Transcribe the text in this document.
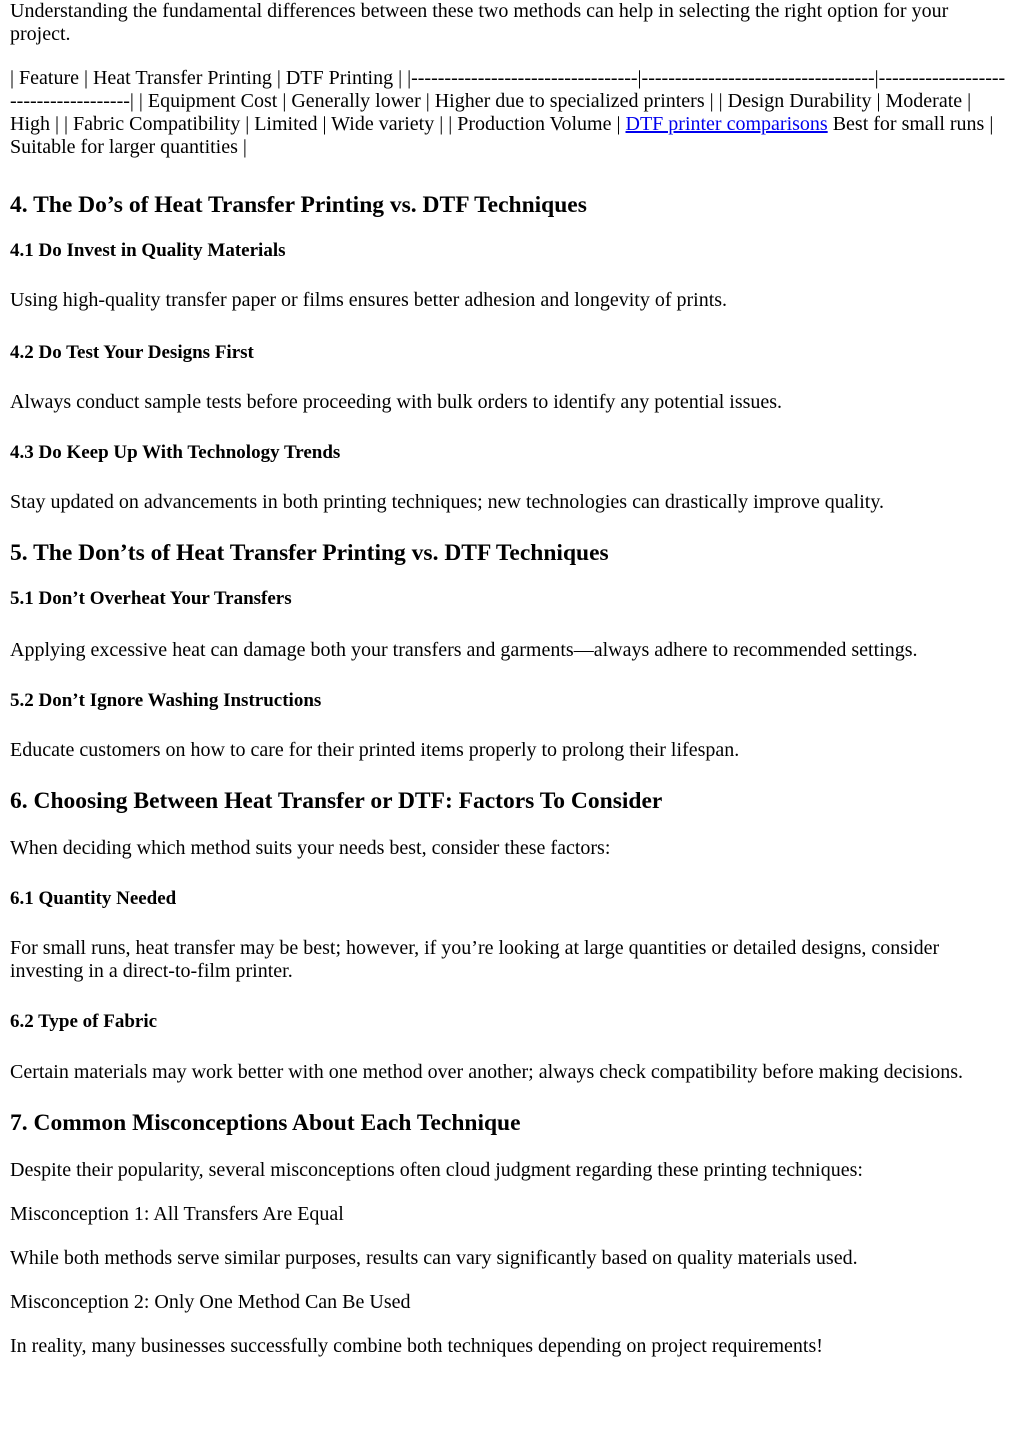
Understanding the fundamental differences between these two methods can help in selecting the right option for your project.

| Feature | Heat Transfer Printing | DTF Printing | |----------------------------------|-----------------------------------|-------------------------------------| | Equipment Cost | Generally lower | Higher due to specialized printers | | Design Durability | Moderate | High | | Fabric Compatibility | Limited | Wide variety | | Production Volume | DTF printer comparisons Best for small runs | Suitable for larger quantities |

4. The Do’s of Heat Transfer Printing vs. DTF Techniques
4.1 Do Invest in Quality Materials

Using high-quality transfer paper or films ensures better adhesion and longevity of prints.

4.2 Do Test Your Designs First

Always conduct sample tests before proceeding with bulk orders to identify any potential issues.

4.3 Do Keep Up With Technology Trends

Stay updated on advancements in both printing techniques; new technologies can drastically improve quality.

5. The Don’ts of Heat Transfer Printing vs. DTF Techniques
5.1 Don’t Overheat Your Transfers

Applying excessive heat can damage both your transfers and garments—always adhere to recommended settings.

5.2 Don’t Ignore Washing Instructions

Educate customers on how to care for their printed items properly to prolong their lifespan.

6. Choosing Between Heat Transfer or DTF: Factors To Consider

When deciding which method suits your needs best, consider these factors:

6.1 Quantity Needed

For small runs, heat transfer may be best; however, if you’re looking at large quantities or detailed designs, consider investing in a direct-to-film printer.

6.2 Type of Fabric

Certain materials may work better with one method over another; always check compatibility before making decisions.

7. Common Misconceptions About Each Technique

Despite their popularity, several misconceptions often cloud judgment regarding these printing techniques:

Misconception 1: All Transfers Are Equal

While both methods serve similar purposes, results can vary significantly based on quality materials used.

Misconception 2: Only One Method Can Be Used

In reality, many businesses successfully combine both techniques depending on project requirements!
